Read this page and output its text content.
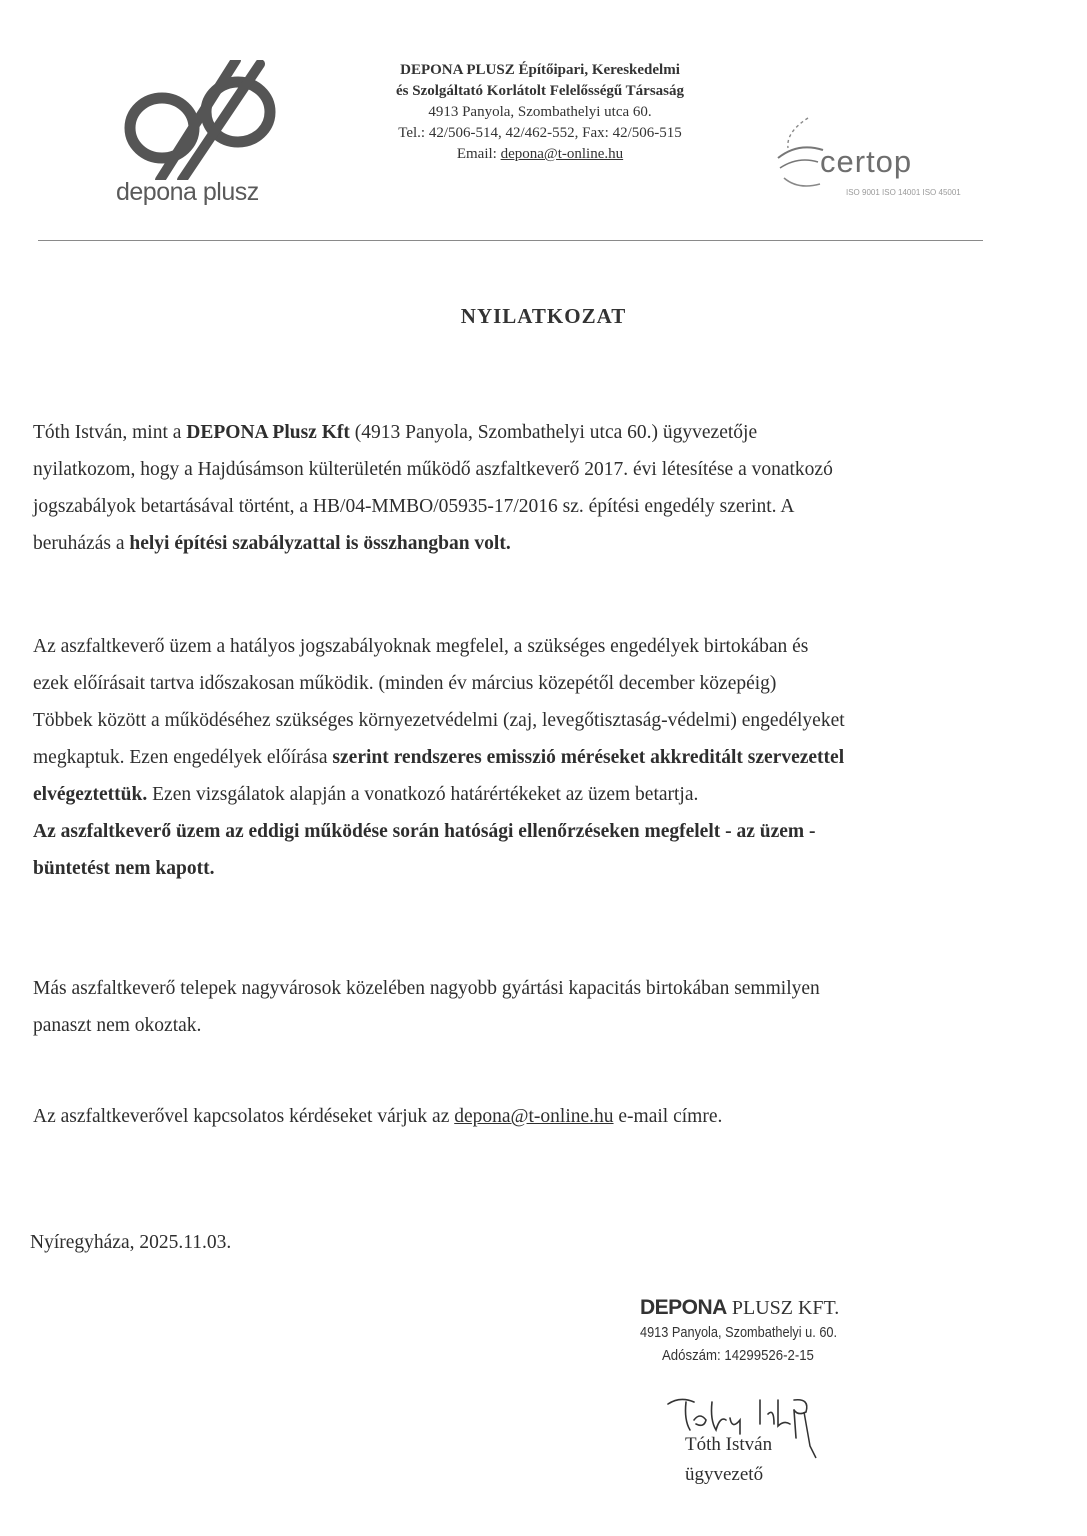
depona plusz
DEPONA PLUSZ Építőipari, Kereskedelmi
és Szolgáltató Korlátolt Felelősségű Társaság
4913 Panyola, Szombathelyi utca 60.
Tel.: 42/506-514, 42/462-552, Fax: 42/506-515
Email: depona@t-online.hu	certop
ISO 9001 ISO 14001 ISO 45001
NYILATKOZAT
Tóth István, mint a DEPONA Plusz Kft (4913 Panyola, Szombathelyi utca 60.) ügyvezetője
nyilatkozom, hogy a Hajdúsámson külterületén működő aszfaltkeverő 2017. évi létesítése a vonatkozó
jogszabályok betartásával történt, a HB/04-MMBO/05935-17/2016 sz. építési engedély szerint. A
beruházás a helyi építési szabályzattal is összhangban volt.
Az aszfaltkeverő üzem a hatályos jogszabályoknak megfelel, a szükséges engedélyek birtokában és
ezek előírásait tartva időszakosan működik. (minden év március közepétől december közepéig)
Többek között a működéséhez szükséges környezetvédelmi (zaj, levegőtisztaság-védelmi) engedélyeket
megkaptuk. Ezen engedélyek előírása szerint rendszeres emisszió méréseket akkreditált szervezettel
elvégeztettük. Ezen vizsgálatok alapján a vonatkozó határértékeket az üzem betartja.
Az aszfaltkeverő üzem az eddigi működése során hatósági ellenőrzéseken megfelelt - az üzem -
büntetést nem kapott.
Más aszfaltkeverő telepek nagyvárosok közelében nagyobb gyártási kapacitás birtokában semmilyen
panaszt nem okoztak.
Az aszfaltkeverővel kapcsolatos kérdéseket várjuk az depona@t-online.hu e-mail címre.
Nyíregyháza, 2025.11.03.
DEPONA PLUSZ KFT.
4913 Panyola, Szombathelyi u. 60.
Adószám: 14299526-2-15
Tóth István
ügyvezető
